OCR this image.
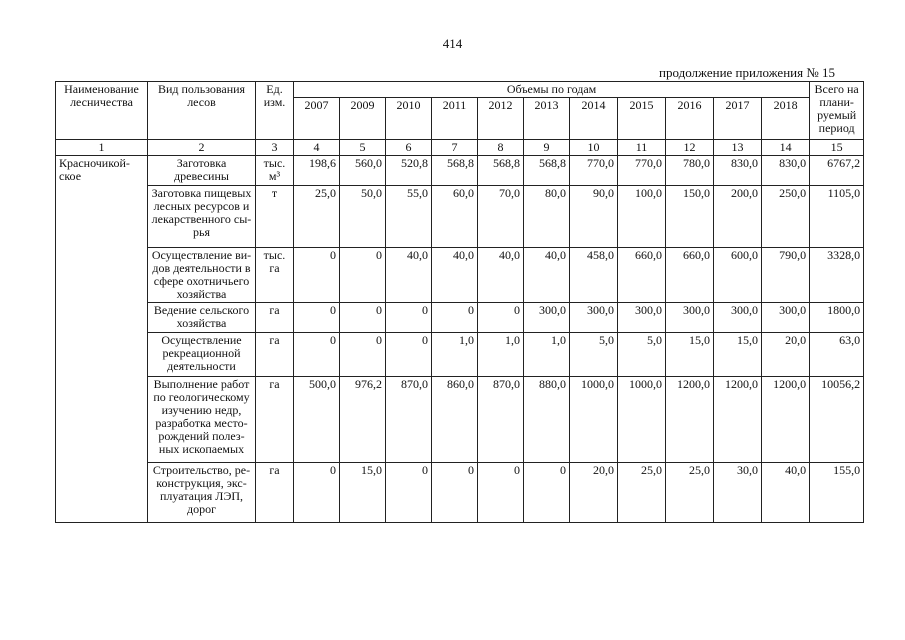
414
продолжение приложения № 15
Наименование лесничества	Вид пользования лесов	Ед. изм.	Объемы по годам											Всего на плани-руемый период
			2007	2009	2010	2011	2012	2013	2014	2015	2016	2017	2018	
1	2	3	4	5	6	7	8	9	10	11	12	13	14	15
Красночикой-ское	Заготовка древесины	тыс. м³	198,6	560,0	520,8	568,8	568,8	568,8	770,0	770,0	780,0	830,0	830,0	6767,2
	Заготовка пищевых лесных ресурсов и лекарственного сы-рья	т	25,0	50,0	55,0	60,0	70,0	80,0	90,0	100,0	150,0	200,0	250,0	1105,0
	Осуществление ви-дов деятельности в сфере охотничьего хозяйства	тыс. га	0	0	40,0	40,0	40,0	40,0	458,0	660,0	660,0	600,0	790,0	3328,0
	Ведение сельского хозяйства	га	0	0	0	0	0	300,0	300,0	300,0	300,0	300,0	300,0	1800,0
	Осуществление рекреационной деятельности	га	0	0	0	1,0	1,0	1,0	5,0	5,0	15,0	15,0	20,0	63,0
	Выполнение работ по геологическому изучению недр, разработка место-рождений полез-ных ископаемых	га	500,0	976,2	870,0	860,0	870,0	880,0	1000,0	1000,0	1200,0	1200,0	1200,0	10056,2
	Строительство, ре-конструкция, экс-плуатация ЛЭП, дорог	га	0	15,0	0	0	0	0	20,0	25,0	25,0	30,0	40,0	155,0
